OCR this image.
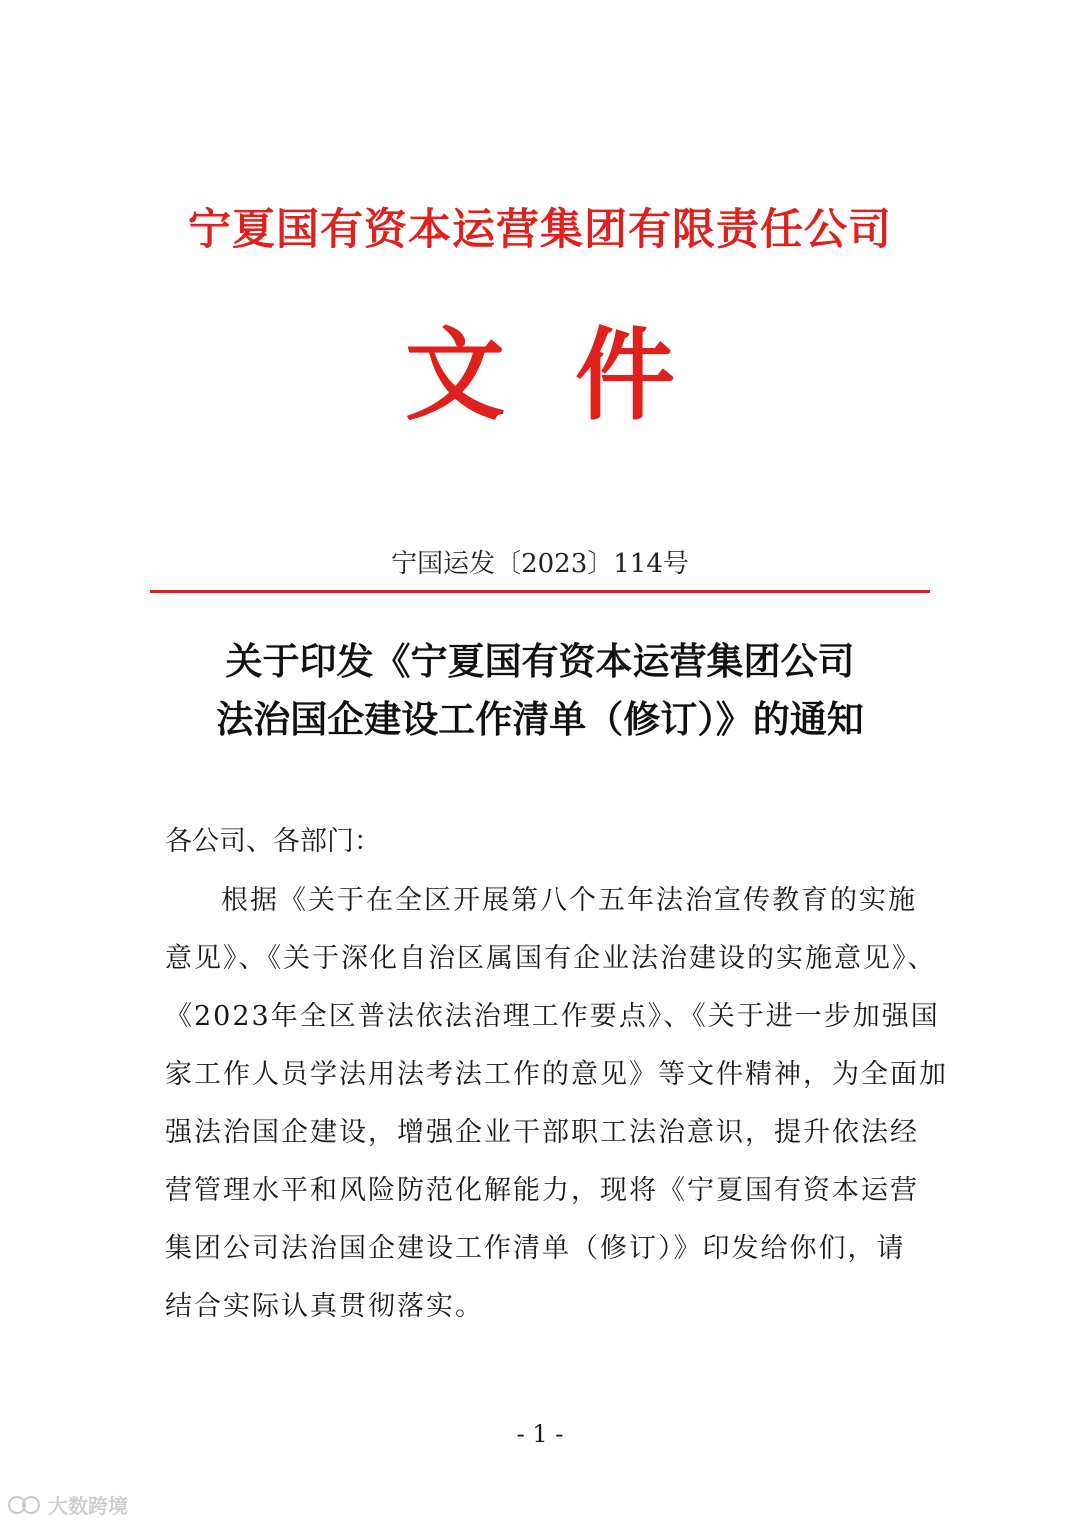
宁夏国有资本运营集团有限责任公司
文件
宁国运发〔2023〕114号
关于印发《宁夏国有资本运营集团公司
法治国企建设工作清单（修订）》的通知
各公司、各部门：
根据《关于在全区开展第八个五年法治宣传教育的实施
意见》、《关于深化自治区属国有企业法治建设的实施意见》、
《2023年全区普法依法治理工作要点》、《关于进一步加强国
家工作人员学法用法考法工作的意见》等文件精神，为全面加
强法治国企建设，增强企业干部职工法治意识，提升依法经
营管理水平和风险防范化解能力，现将《宁夏国有资本运营
集团公司法治国企建设工作清单（修订）》印发给你们，请
结合实际认真贯彻落实。
- 1 -
大数跨境
